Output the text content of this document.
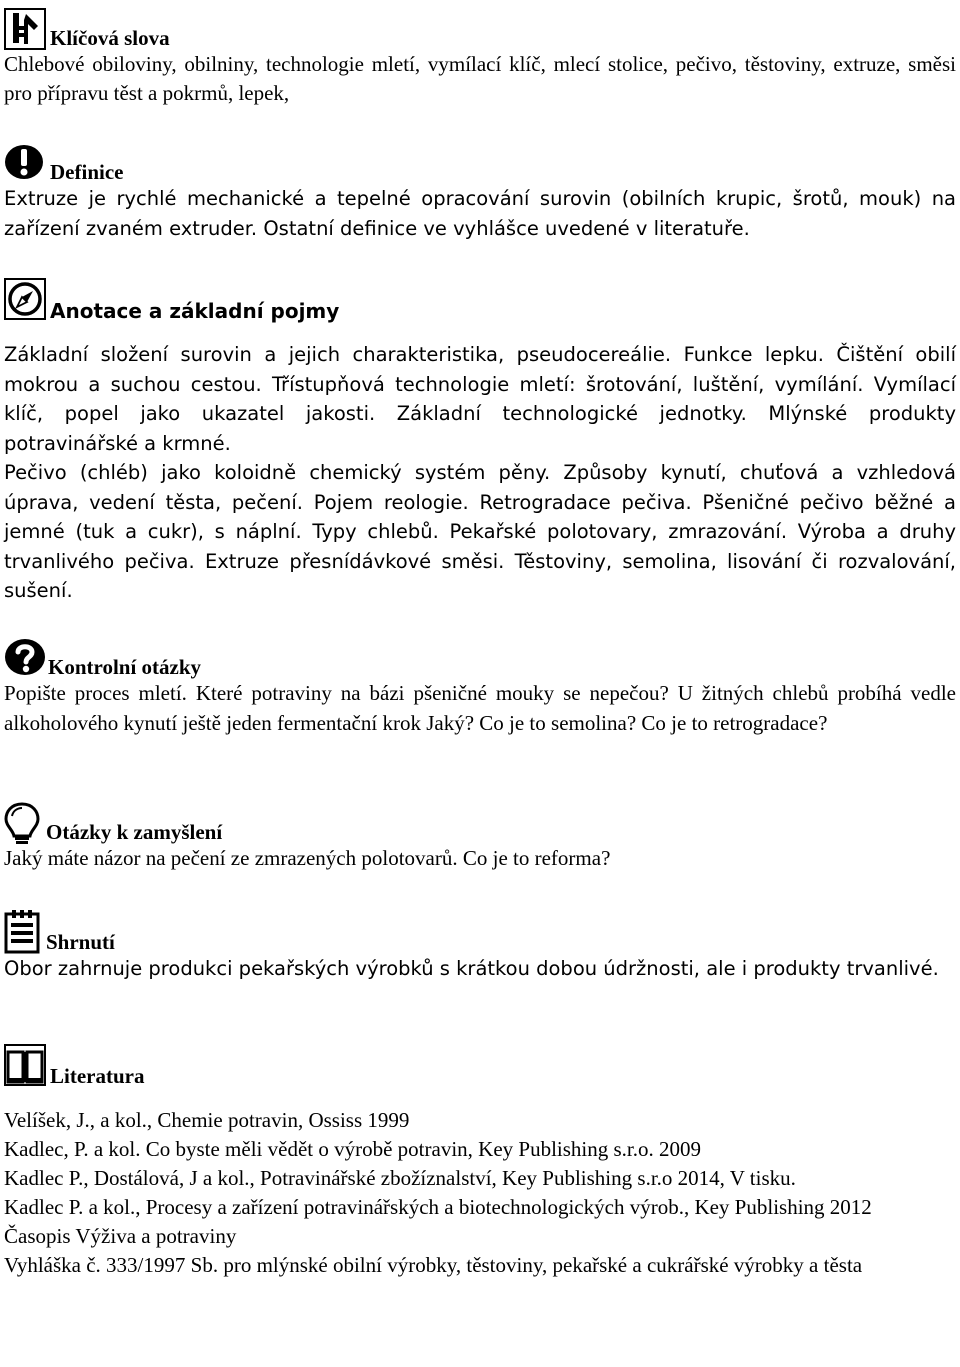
Klíčová slova

Chlebové obiloviny, obilniny, technologie mletí, vymílací klíč, mlecí stolice, pečivo, těstoviny, extruze, směsi pro přípravu těst a pokrmů, lepek,

Definice

Extruze je rychlé mechanické a tepelné opracování surovin (obilních krupic, šrotů, mouk) na zařízení zvaném extruder. Ostatní definice ve vyhlášce uvedené v literatuře.

Anotace a základní pojmy

Základní složení surovin a jejich charakteristika, pseudocereálie. Funkce lepku. Čištění obilí mokrou a suchou cestou. Třístupňová technologie mletí: šrotování, luštění, vymílání. Vymílací klíč, popel jako ukazatel jakosti. Základní technologické jednotky. Mlýnské produkty potravinářské a krmné.

Pečivo (chléb) jako koloidně chemický systém pěny. Způsoby kynutí, chuťová a vzhledová úprava, vedení těsta, pečení. Pojem reologie. Retrogradace pečiva. Pšeničné pečivo běžné a jemné (tuk a cukr), s náplní. Typy chlebů. Pekařské polotovary, zmrazování. Výroba a druhy trvanlivého pečiva. Extruze přesnídávkové směsi. Těstoviny, semolina, lisování či rozvalování, sušení.

Kontrolní otázky

Popište proces mletí. Které potraviny na bázi pšeničné mouky se nepečou? U žitných chlebů probíhá vedle alkoholového kynutí ještě jeden fermentační krok Jaký? Co je to semolina? Co je to retrogradace?

Otázky k zamyšlení

Jaký máte názor na pečení ze zmrazených polotovarů. Co je to reforma?

Shrnutí

Obor zahrnuje produkci pekařských výrobků s krátkou dobou údržnosti, ale i produkty trvanlivé.

Literatura

Velíšek, J., a kol., Chemie potravin, Ossiss 1999

Kadlec, P. a kol. Co byste měli vědět o výrobě potravin, Key Publishing s.r.o. 2009

Kadlec P., Dostálová, J a kol., Potravinářské zbožíznalství, Key Publishing s.r.o 2014, V tisku.

Kadlec P. a kol., Procesy a zařízení potravinářských a biotechnologických výrob., Key Publishing 2012

Časopis Výživa a potraviny

Vyhláška č. 333/1997 Sb. pro mlýnské obilní výrobky, těstoviny, pekařské a cukrářské výrobky a těsta
